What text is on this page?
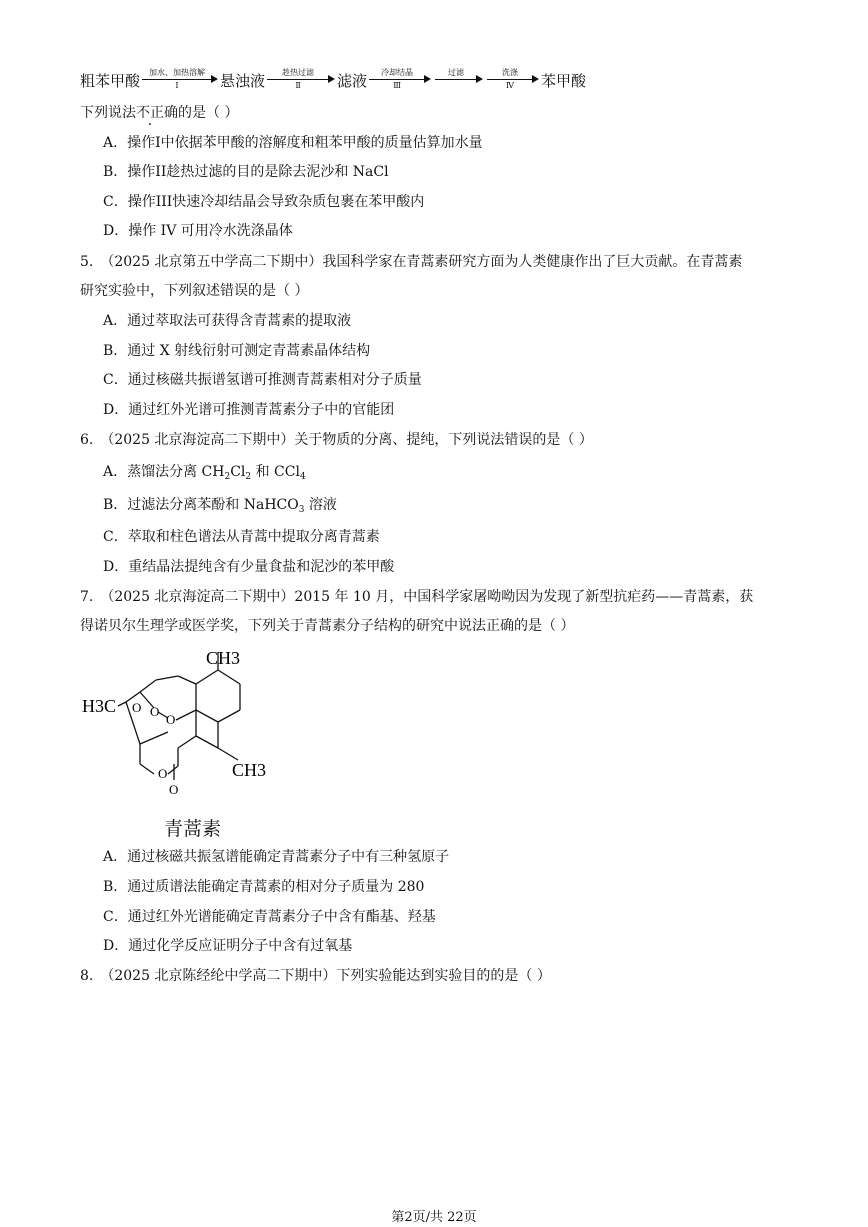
粗苯甲酸	加水、加热溶解
Ⅰ	悬浊液	趁热过滤
Ⅱ	滤液	冷却结晶
Ⅲ
过滤	洗涤
Ⅳ	苯甲酸
下列说法不正确的是（ ）
A．操作I中依据苯甲酸的溶解度和粗苯甲酸的质量估算加水量
B．操作II趁热过滤的目的是除去泥沙和 NaCl
C．操作III快速冷却结晶会导致杂质包裹在苯甲酸内
D．操作 IV 可用冷水洗涤晶体
5.　（2025 北京第五中学高二下期中）我国科学家在青蒿素研究方面为人类健康作出了巨大贡献。在青蒿素
研究实验中，下列叙述错误的是（ ）
A．通过萃取法可获得含青蒿素的提取液
B．通过 X 射线衍射可测定青蒿素晶体结构
C．通过核磁共振谱氢谱可推测青蒿素相对分子质量
D．通过红外光谱可推测青蒿素分子中的官能团
6.　（2025 北京海淀高二下期中）关于物质的分离、提纯，下列说法错误的是（ ）
A．蒸馏法分离 $CH_2Cl_2$ 和 CCl$_4$
B．过滤法分离苯酚和 NaHCO$_3$ 溶液
C．萃取和柱色谱法从青蒿中提取分离青蒿素
D．重结晶法提纯含有少量食盐和泥沙的苯甲酸
7.　（2025 北京海淀高二下期中）2015 年 10 月，中国科学家屠呦呦因为发现了新型抗疟药——青蒿素，获
得诺贝尔生理学或医学奖，下列关于青蒿素分子结构的研究中说法正确的是（ ）
CH3
H3C
CH3
O
O
O
O
O
青蒿素
A．通过核磁共振氢谱能确定青蒿素分子中有三种氢原子
B．通过质谱法能确定青蒿素的相对分子质量为 280
C．通过红外光谱能确定青蒿素分子中含有酯基、羟基
D．通过化学反应证明分子中含有过氧基
8.　（2025 北京陈经纶中学高二下期中）下列实验能达到实验目的的是（ ）
第2页/共 22页
